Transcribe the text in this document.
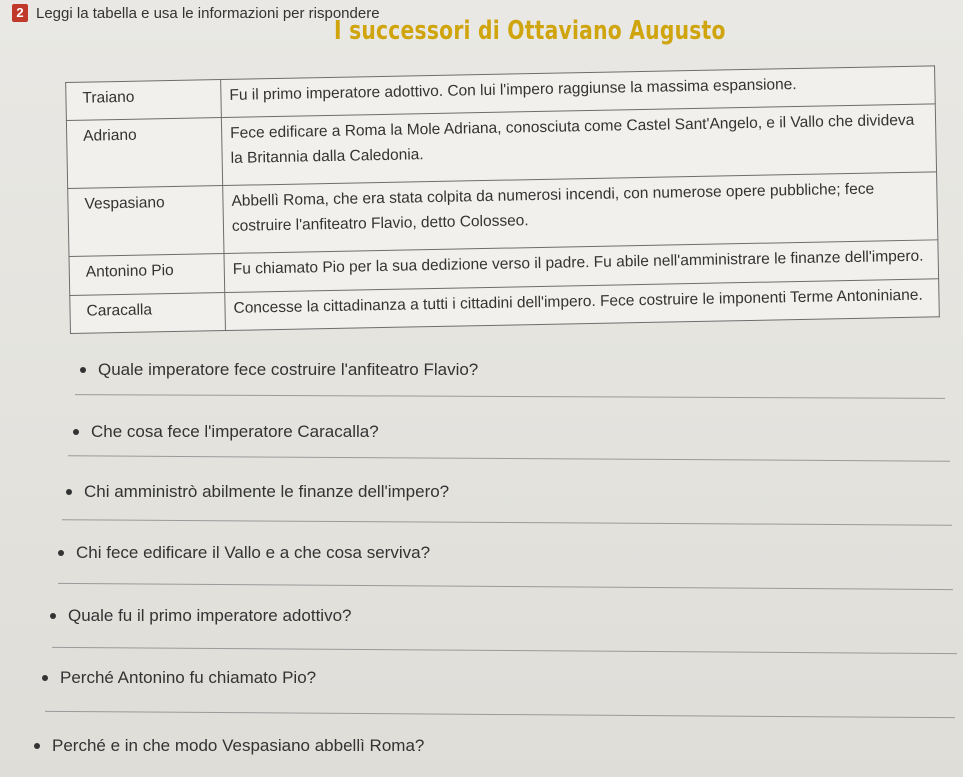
2 Leggi la tabella e usa le informazioni per rispondere
I successori di Ottaviano Augusto
Traiano	Fu il primo imperatore adottivo. Con lui l'impero raggiunse la massima espansione.
Adriano	Fece edificare a Roma la Mole Adriana, conosciuta come Castel Sant'Angelo, e il Vallo che divideva la Britannia dalla Caledonia.
Vespasiano	Abbellì Roma, che era stata colpita da numerosi incendi, con numerose opere pubbliche; fece costruire l'anfiteatro Flavio, detto Colosseo.
Antonino Pio	Fu chiamato Pio per la sua dedizione verso il padre. Fu abile nell'amministrare le finanze dell'impero.
Caracalla	Concesse la cittadinanza a tutti i cittadini dell'impero. Fece costruire le imponenti Terme Antoniniane.
Quale imperatore fece costruire l'anfiteatro Flavio?
Che cosa fece l'imperatore Caracalla?
Chi amministrò abilmente le finanze dell'impero?
Chi fece edificare il Vallo e a che cosa serviva?
Quale fu il primo imperatore adottivo?
Perché Antonino fu chiamato Pio?
Perché e in che modo Vespasiano abbellì Roma?
